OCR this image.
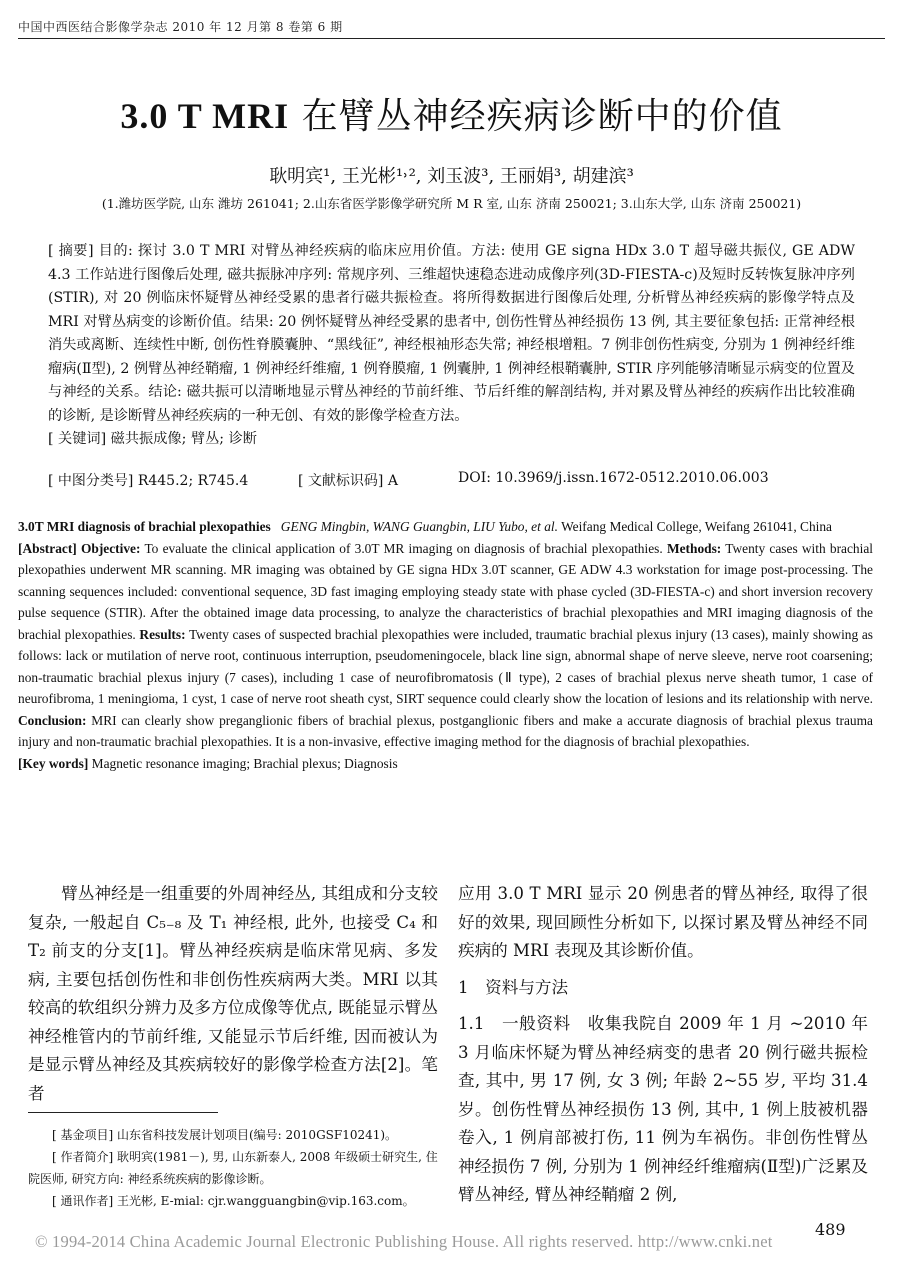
中国中西医结合影像学杂志 2010 年 12 月第 8 卷第 6 期
3.0 T MRI 在臂丛神经疾病诊断中的价值
耿明宾¹, 王光彬¹˒², 刘玉波³, 王丽娟³, 胡建滨³
(1.潍坊医学院, 山东 潍坊 261041; 2.山东省医学影像学研究所 M R 室, 山东 济南 250021; 3.山东大学, 山东 济南 250021)

[ 摘要] 目的: 探讨 3.0 T MRI 对臂丛神经疾病的临床应用价值。方法: 使用 GE signa HDx 3.0 T 超导磁共振仪, GE ADW 4.3 工作站进行图像后处理, 磁共振脉冲序列: 常规序列、三维超快速稳态进动成像序列(3D-FIESTA-c)及短时反转恢复脉冲序列(STIR), 对 20 例临床怀疑臂丛神经受累的患者行磁共振检查。将所得数据进行图像后处理, 分析臂丛神经疾病的影像学特点及 MRI 对臂丛病变的诊断价值。结果: 20 例怀疑臂丛神经受累的患者中, 创伤性臂丛神经损伤 13 例, 其主要征象包括: 正常神经根消失或离断、连续性中断, 创伤性脊膜囊肿、“黑线征”, 神经根袖形态失常; 神经根增粗。7 例非创伤性病变, 分别为 1 例神经纤维瘤病(Ⅱ型), 2 例臂丛神经鞘瘤, 1 例神经纤维瘤, 1 例脊膜瘤, 1 例囊肿, 1 例神经根鞘囊肿, STIR 序列能够清晰显示病变的位置及与神经的关系。结论: 磁共振可以清晰地显示臂丛神经的节前纤维、节后纤维的解剖结构, 并对累及臂丛神经的疾病作出比较准确的诊断, 是诊断臂丛神经疾病的一种无创、有效的影像学检查方法。

[ 关键词] 磁共振成像; 臂丛; 诊断

[ 中图分类号] R445.2; R745.4	[ 文献标识码] A	DOI: 10.3969/j.issn.1672-0512.2010.06.003

3.0T MRI diagnosis of brachial plexopathies GENG Mingbin, WANG Guangbin, LIU Yubo, et al. Weifang Medical College, Weifang 261041, China

[Abstract] Objective: To evaluate the clinical application of 3.0T MR imaging on diagnosis of brachial plexopathies. Methods: Twenty cases with brachial plexopathies underwent MR scanning. MR imaging was obtained by GE signa HDx 3.0T scanner, GE ADW 4.3 workstation for image post-processing. The scanning sequences included: conventional sequence, 3D fast imaging employing steady state with phase cycled (3D-FIESTA-c) and short inversion recovery pulse sequence (STIR). After the obtained image data processing, to analyze the characteristics of brachial plexopathies and MRI imaging diagnosis of the brachial plexopathies. Results: Twenty cases of suspected brachial plexopathies were included, traumatic brachial plexus injury (13 cases), mainly showing as follows: lack or mutilation of nerve root, continuous interruption, pseudomeningocele, black line sign, abnormal shape of nerve sleeve, nerve root coarsening; non-traumatic brachial plexus injury (7 cases), including 1 case of neurofibromatosis (Ⅱ type), 2 cases of brachial plexus nerve sheath tumor, 1 case of neurofibroma, 1 meningioma, 1 cyst, 1 case of nerve root sheath cyst, SIRT sequence could clearly show the location of lesions and its relationship with nerve. Conclusion: MRI can clearly show preganglionic fibers of brachial plexus, postganglionic fibers and make a accurate diagnosis of brachial plexus trauma injury and non-traumatic brachial plexopathies. It is a non-invasive, effective imaging method for the diagnosis of brachial plexopathies.

[Key words] Magnetic resonance imaging; Brachial plexus; Diagnosis

臂丛神经是一组重要的外周神经丛, 其组成和分支较复杂, 一般起自 C₅₋₈ 及 T₁ 神经根, 此外, 也接受 C₄ 和 T₂ 前支的分支[1]。臂丛神经疾病是临床常见病、多发病, 主要包括创伤性和非创伤性疾病两大类。MRI 以其较高的软组织分辨力及多方位成像等优点, 既能显示臂丛神经椎管内的节前纤维, 又能显示节后纤维, 因而被认为是显示臂丛神经及其疾病较好的影像学检查方法[2]。笔者

[ 基金项目] 山东省科技发展计划项目(编号: 2010GSF10241)。

[ 作者简介] 耿明宾(1981－), 男, 山东新泰人, 2008 年级硕士研究生, 住院医师, 研究方向: 神经系统疾病的影像诊断。

[ 通讯作者] 王光彬, E-mial: cjr.wangguangbin@vip.163.com。

应用 3.0 T MRI 显示 20 例患者的臂丛神经, 取得了很好的效果, 现回顾性分析如下, 以探讨累及臂丛神经不同疾病的 MRI 表现及其诊断价值。

1　资料与方法

1.1　一般资料　收集我院自 2009 年 1 月 ~2010 年 3 月临床怀疑为臂丛神经病变的患者 20 例行磁共振检查, 其中, 男 17 例, 女 3 例; 年龄 2~55 岁, 平均 31.4 岁。创伤性臂丛神经损伤 13 例, 其中, 1 例上肢被机器卷入, 1 例肩部被打伤, 11 例为车祸伤。非创伤性臂丛神经损伤 7 例, 分别为 1 例神经纤维瘤病(Ⅱ型)广泛累及臂丛神经, 臂丛神经鞘瘤 2 例,

489
© 1994-2014 China Academic Journal Electronic Publishing House. All rights reserved. http://www.cnki.net
